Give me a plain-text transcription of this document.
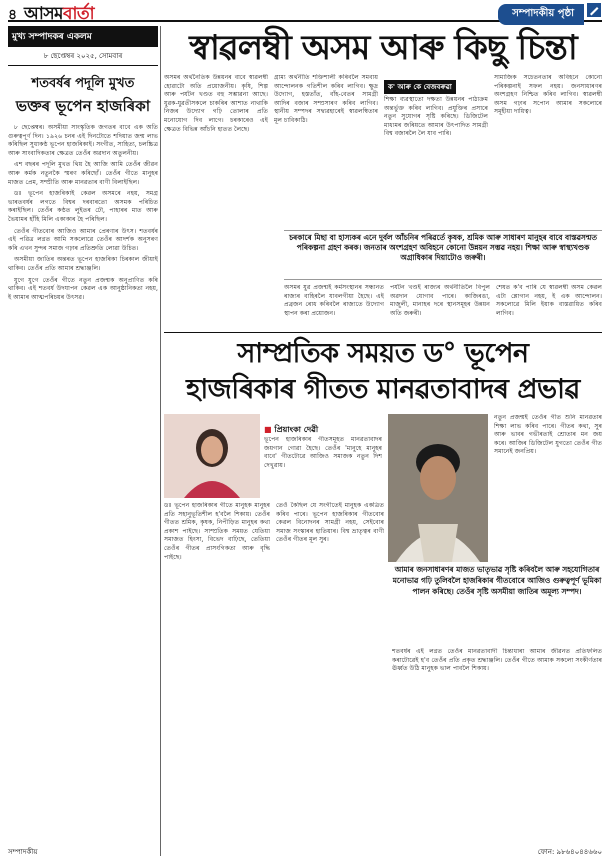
৪ আসমবাৰ্তা	সম্পাদকীয় পৃষ্ঠা
মুখ্য সম্পাদকৰ একলম
৮ ছেপ্তেম্বৰ ২০২৫, সোমবাৰ
শতবৰ্ষৰ পদূলি মুখত
ভক্তৰ ভূপেন হাজৰিকা

৮ ছেপ্তেম্বৰ। অসমীয়া সাংস্কৃতিক জগতৰ বাবে এক অতি গুৰুত্বপূৰ্ণ দিন। ১৯২৬ চনৰ এই দিনটোতে শদিয়াত জন্ম লাভ কৰিছিল সুধাকণ্ঠ ভূপেন হাজৰিকাই। সংগীত, সাহিত্য, চলচ্চিত্ৰ আৰু সাংবাদিকতাৰ ক্ষেত্ৰত তেওঁৰ অৱদান অতুলনীয়।

এশ বছৰৰ পদূলি মুখত থিয় হৈ আজি আমি তেওঁৰ জীৱন আৰু কৰ্মক নতুনকৈ স্মৰণ কৰিছোঁ। তেওঁৰ গীতে মানুহৰ মাজত প্ৰেম, সম্প্ৰীতি আৰু মানৱতাৰ বাণী বিলাইছিল।

ডঃ ভূপেন হাজৰিকাই কেৱল অসমৰে নহয়, সমগ্ৰ ভাৰতবৰ্ষৰ লগতে বিশ্বৰ দৰবাৰতো অসমক পৰিচিত কৰাইছিল। তেওঁৰ কণ্ঠত লুইতৰ ঢৌ, পাহাৰৰ মাত আৰু ভৈয়ামৰ হাঁহি মিলি একাকাৰ হৈ পৰিছিল।

তেওঁৰ গীতবোৰ আজিও আমাৰ প্ৰেৰণাৰ উৎস। শতবৰ্ষৰ এই পৱিত্ৰ লগ্নত আমি সকলোৱে তেওঁৰ আদৰ্শক অনুসৰণ কৰি এখন সুন্দৰ সমাজ গঢ়াৰ প্ৰতিশ্ৰুতি লোৱা উচিত।

অসমীয়া জাতিৰ অন্তৰত ভূপেন হাজৰিকা চিৰকাল জীয়াই থাকিব। তেওঁৰ প্ৰতি আমাৰ শ্ৰদ্ধাঞ্জলি।

যুগে যুগে তেওঁৰ গীতে নতুন প্ৰজন্মক অনুপ্ৰাণিত কৰি থাকিব। এই শতবৰ্ষ উদযাপন কেৱল এক আনুষ্ঠানিকতা নহয়, ই আমাৰ আত্মপৰিচয়ৰ উৎসৱ।

স্বাৱলম্বী অসম আৰু কিছু চিন্তা
অসমৰ অৰ্থনৈতিক উন্নয়নৰ বাবে স্বাৱলম্বী হোৱাটো অতি প্ৰয়োজনীয়। কৃষি, শিল্প আৰু পৰ্যটন খণ্ডত বহু সম্ভাৱনা আছে। যুৱক-যুৱতীসকলে চাকৰিৰ আশাত নাথাকি নিজৰ উদ্যোগ গঢ়ি তোলাৰ প্ৰতি মনোযোগ দিব লাগে। চৰকাৰেও এই ক্ষেত্ৰত বিভিন্ন আঁচনি হাতত লৈছে।
গ্ৰাম্য অৰ্থনীতি শক্তিশালী কৰিবলৈ সমবায় আন্দোলনক গতিশীল কৰিব লাগিব। ক্ষুদ্ৰ উদ্যোগ, হস্ততাঁত, বাঁহ-বেতৰ সামগ্ৰী আদিৰ বজাৰ সম্প্ৰসাৰণ কৰিব লাগিব। স্থানীয় সম্পদৰ সদ্ব্যৱহাৰেই স্বাৱলম্বিতাৰ মূল চাবিকাঠি।
ক' আৰু কে বেজবৰুৱা
শিক্ষা ব্যৱস্থাতো দক্ষতা উন্নয়নৰ পাঠ্যক্ৰম অন্তৰ্ভুক্ত কৰিব লাগিব। প্ৰযুক্তিৰ প্ৰসাৰে নতুন সুযোগৰ সৃষ্টি কৰিছে। ডিজিটেল মাধ্যমৰ জৰিয়তে আমাৰ উৎপাদিত সামগ্ৰী বিশ্ব বজাৰলৈ লৈ যাব পাৰি।
সামাজিক সচেতনতাৰ অবিহনে কোনো পৰিকল্পনাই সফল নহয়। জনসাধাৰণৰ অংশগ্ৰহণ নিশ্চিত কৰিব লাগিব। স্বাৱলম্বী অসম গঢ়াৰ সপোন আমাৰ সকলোৰে সমূহীয়া দায়িত্ব।
চৰকাৰে মিছা বা হাস্যকৰ এনে দুৰ্বল আঁচনিৰ পৰিৱৰ্তে কৃষক, শ্ৰমিক আৰু সাধাৰণ মানুহৰ বাবে বাস্তৱসন্মত পৰিকল্পনা গ্ৰহণ কৰক। জনতাৰ অংশগ্ৰহণ অবিহনে কোনো উন্নয়ন সম্ভৱ নহয়। শিক্ষা আৰু স্বাস্থ্যখণ্ডক অগ্ৰাধিকাৰ দিয়াটোও জৰুৰী।
অসমৰ যুৱ প্ৰজন্মই কৰ্মসংস্থানৰ সন্ধানত ৰাজ্যৰ বাহিৰলৈ যাবলগীয়া হৈছে। এই প্ৰব্ৰজন ৰোধ কৰিবলৈ ৰাজ্যতে উদ্যোগ স্থাপন কৰা প্ৰয়োজন।
পৰ্যটন খণ্ডই ৰাজ্যৰ অৰ্থনীতিলৈ বিপুল অৱদান যোগাব পাৰে। কাজিৰঙা, মাজুলী, মানাহৰ দৰে স্থানসমূহৰ উন্নয়ন অতি জৰুৰী।
শেষত ক'ব পাৰি যে স্বাৱলম্বী অসম কেৱল এটা শ্লোগান নহয়, ই এক আন্দোলন। সকলোৱে মিলি ইয়াক বাস্তৱায়িত কৰিব লাগিব।
সাম্প্ৰতিক সময়ত ড° ভূপেন
হাজৰিকাৰ গীতত মানৱতাবাদৰ প্ৰভাৱ
■ প্ৰিয়াংকা দেৱী
ভূপেন হাজৰিকাৰ গীতসমূহত মানৱতাবাদৰ জয়গান গোৱা হৈছে। তেওঁৰ 'মানুহে মানুহৰ বাবে' গীতটোৱে আজিও সমাজক নতুন দিশ দেখুৱায়।
ডঃ ভূপেন হাজৰিকাৰ গীতে মানুহক মানুহৰ প্ৰতি সহানুভূতিশীল হ'বলৈ শিকায়। তেওঁৰ গীতত শ্ৰমিক, কৃষক, নিপীড়িত মানুহৰ কথা প্ৰকাশ পাইছে। সাম্প্ৰতিক সময়ত যেতিয়া সমাজত হিংসা, বিভেদ বাঢ়িছে, তেতিয়া তেওঁৰ গীতৰ প্ৰাসংগিকতা আৰু বৃদ্ধি পাইছে।
তেওঁ কৈছিল যে সংগীতেই মানুহক একত্ৰিত কৰিব পাৰে। ভূপেন হাজৰিকাৰ গীতবোৰ কেৱল বিনোদনৰ সামগ্ৰী নহয়, সেইবোৰ সমাজ সংস্কাৰৰ হাতিয়াৰ। বিশ্ব ভ্ৰাতৃত্বৰ বাণী তেওঁৰ গীতৰ মূল সুৰ।
নতুন প্ৰজন্মই তেওঁৰ গীত শুনি মানৱতাৰ শিক্ষা লাভ কৰিব পাৰে। গীতৰ কথা, সুৰ আৰু ভাবৰ গভীৰতাই শ্ৰোতাৰ মন জয় কৰে। আজিৰ ডিজিটেল যুগতো তেওঁৰ গীত সমানেই জনপ্ৰিয়।
আমাৰ জনসাধাৰণৰ মাজত ভাতৃভাৱ সৃষ্টি কৰিবলৈ আৰু সহযোগিতাৰ মনোভাৱ গঢ়ি তুলিবলৈ হাজৰিকাৰ গীতবোৰে আজিও গুৰুত্বপূৰ্ণ ভূমিকা পালন কৰিছে। তেওঁৰ সৃষ্টি অসমীয়া জাতিৰ অমূল্য সম্পদ।
শতবৰ্ষৰ এই লগ্নত তেওঁৰ মানৱতাবাদী চিন্তাধাৰা আমাৰ জীৱনত প্ৰতিফলিত কৰাটোৱেই হ'ব তেওঁৰ প্ৰতি প্ৰকৃত শ্ৰদ্ধাঞ্জলি। তেওঁৰ গীতে আমাক সকলো সংকীৰ্ণতাৰ ঊৰ্ধ্বত উঠি মানুহক ভাল পাবলৈ শিকায়।
সম্পাদকীয়	ফোন: ৯৮৬৪০৪৪৬৬০
